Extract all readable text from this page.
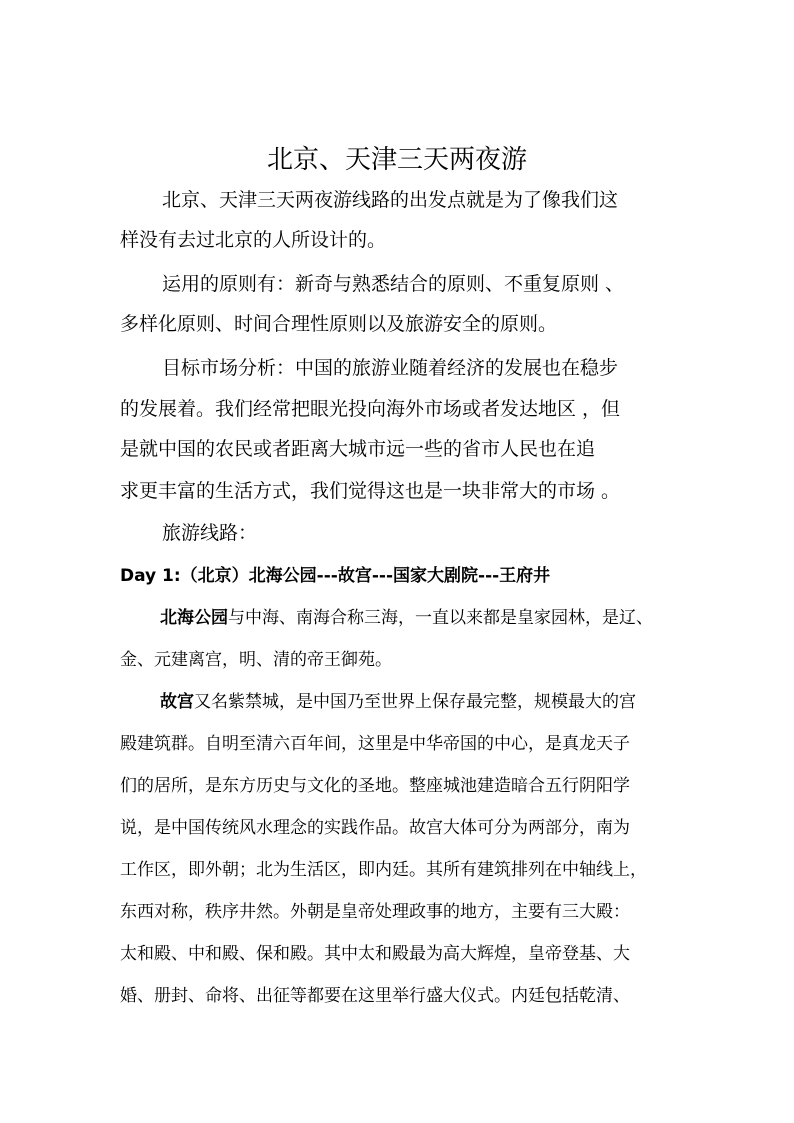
北京、天津三天两夜游
北京、天津三天两夜游线路的出发点就是为了像我们这
样没有去过北京的人所设计的。
运用的原则有：新奇与熟悉结合的原则、不重复原则 、
多样化原则、时间合理性原则以及旅游安全的原则。
目标市场分析：中国的旅游业随着经济的发展也在稳步
的发展着。我们经常把眼光投向海外市场或者发达地区 ，但
是就中国的农民或者距离大城市远一些的省市人民也在追
求更丰富的生活方式，我们觉得这也是一块非常大的市场 。
旅游线路：
Day 1:（北京）北海公园---故宫---国家大剧院---王府井
北海公园与中海、南海合称三海，一直以来都是皇家园林，是辽、
金、元建离宫，明、清的帝王御苑。
故宫又名紫禁城，是中国乃至世界上保存最完整，规模最大的宫
殿建筑群。自明至清六百年间，这里是中华帝国的中心，是真龙天子
们的居所，是东方历史与文化的圣地。整座城池建造暗合五行阴阳学
说，是中国传统风水理念的实践作品。故宫大体可分为两部分，南为
工作区，即外朝；北为生活区，即内廷。其所有建筑排列在中轴线上，
东西对称，秩序井然。外朝是皇帝处理政事的地方，主要有三大殿：
太和殿、中和殿、保和殿。其中太和殿最为高大辉煌，皇帝登基、大
婚、册封、命将、出征等都要在这里举行盛大仪式。内廷包括乾清、
